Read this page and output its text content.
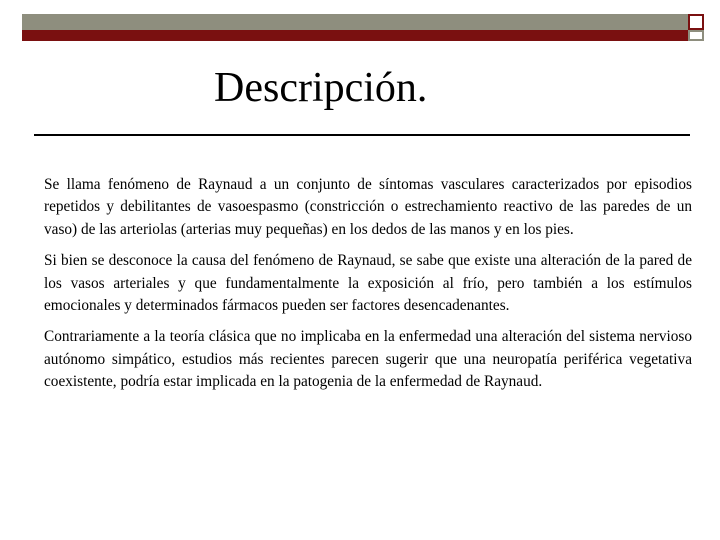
Descripción.

Se llama fenómeno de Raynaud a un conjunto de síntomas vasculares caracterizados por episodios repetidos y debilitantes de vasoespasmo (constricción o estrechamiento reactivo de las paredes de un vaso) de las arteriolas (arterias muy pequeñas) en los dedos de las manos y en los pies.

Si bien se desconoce la causa del fenómeno de Raynaud, se sabe que existe una alteración de la pared de los vasos arteriales y que fundamentalmente la exposición al frío, pero también a los estímulos emocionales y determinados fármacos pueden ser factores desencadenantes.

Contrariamente a la teoría clásica que no implicaba en la enfermedad una alteración del sistema nervioso autónomo simpático, estudios más recientes parecen sugerir que una neuropatía periférica vegetativa coexistente, podría estar implicada en la patogenia de la enfermedad de Raynaud.
